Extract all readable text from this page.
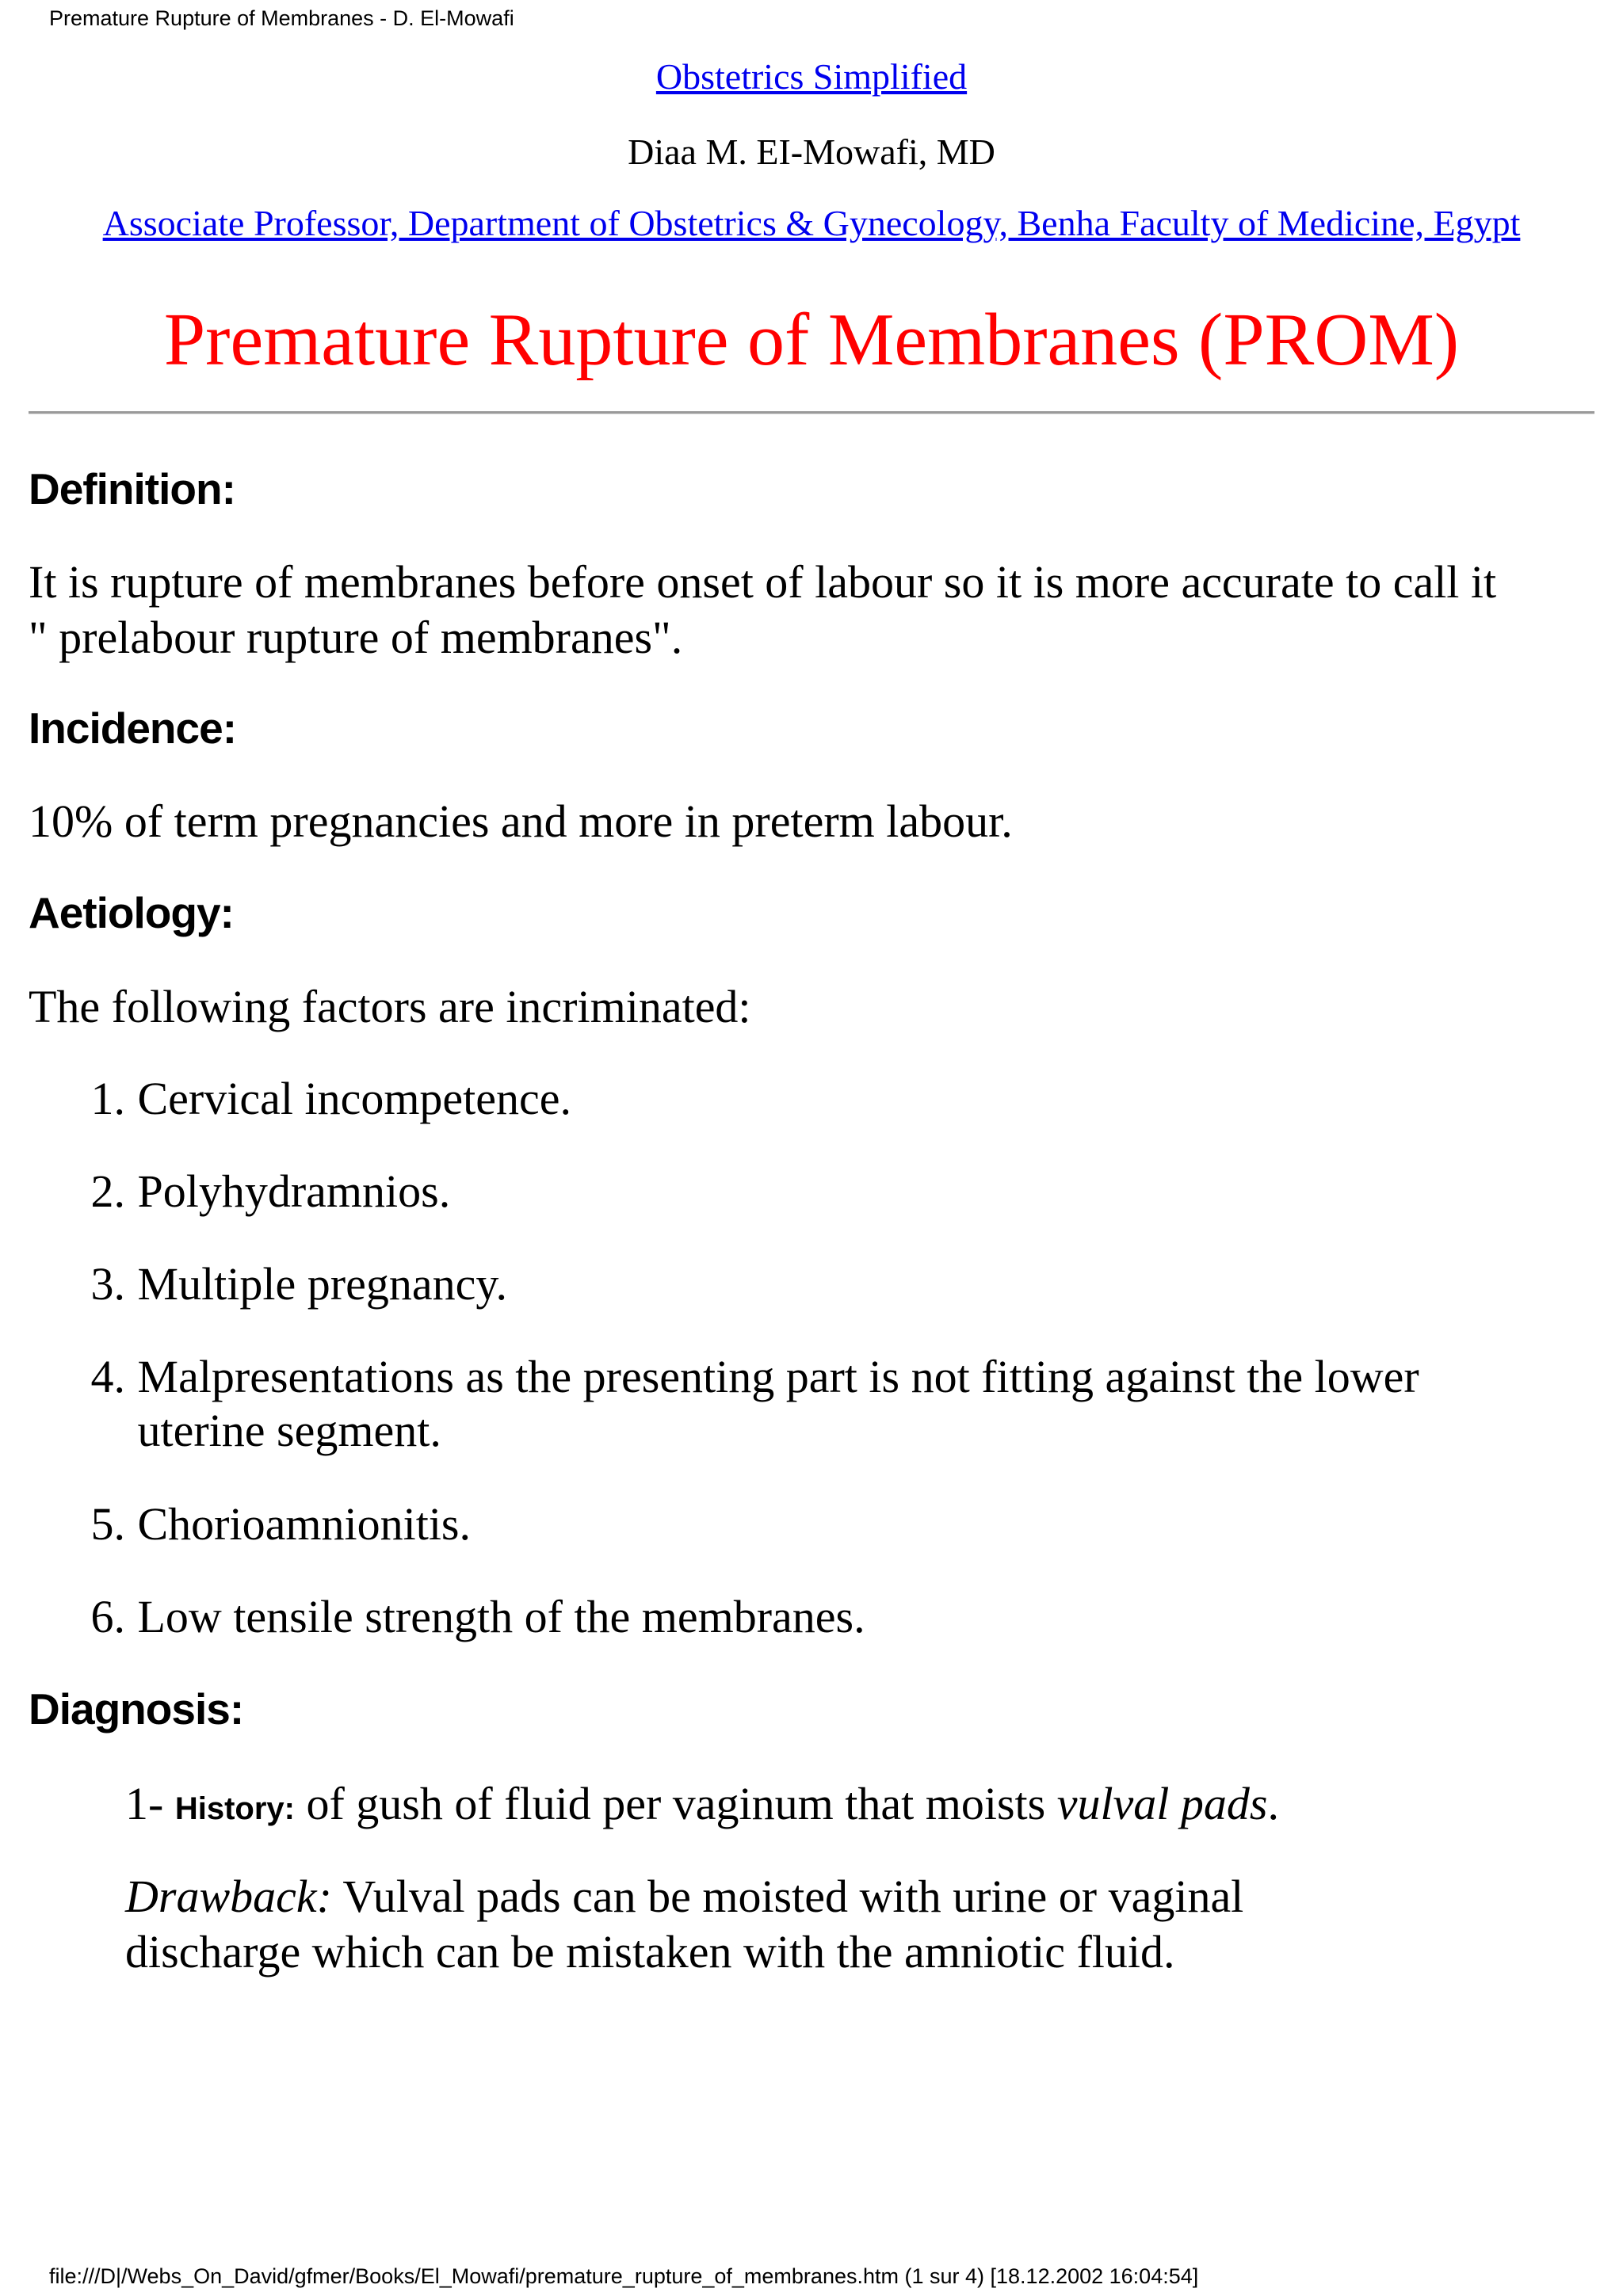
Premature Rupture of Membranes - D. El-Mowafi
Obstetrics Simplified
Diaa M. EI-Mowafi, MD
Associate Professor, Department of Obstetrics & Gynecology, Benha Faculty of Medicine, Egypt
Premature Rupture of Membranes (PROM)
Definition:

It is rupture of membranes before onset of labour so it is more accurate to call it

" prelabour rupture of membranes".

Incidence:

10% of term pregnancies and more in preterm labour.

Aetiology:

The following factors are incriminated:

1. Cervical incompetence.
2. Polyhydramnios.
3. Multiple pregnancy.
4. Malpresentations as the presenting part is not fitting against the lower uterine segment.
5. Chorioamnionitis.
6. Low tensile strength of the membranes.
Diagnosis:

1- History: of gush of fluid per vaginum that moists vulval pads.

Drawback: Vulval pads can be moisted with urine or vaginal discharge which can be mistaken with the amniotic fluid.

file:///D|/Webs_On_David/gfmer/Books/El_Mowafi/premature_rupture_of_membranes.htm (1 sur 4) [18.12.2002 16:04:54]
